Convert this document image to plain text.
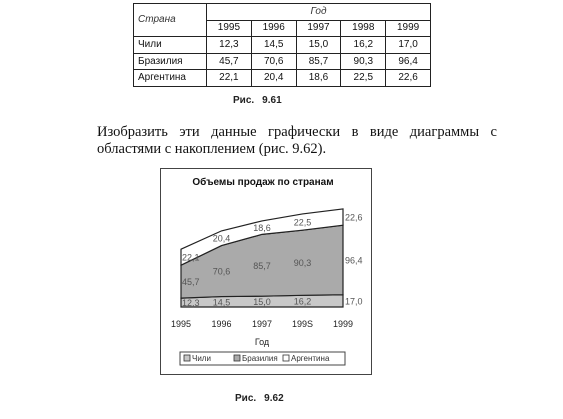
Страна	Год				
	1995	1996	1997	1998	1999
Чили	12,3	14,5	15,0	16,2	17,0
Бразилия	45,7	70,6	85,7	90,3	96,4
Аргентина	22,1	20,4	18,6	22,5	22,6
Рис. 9.61
Изобразить эти данные графически в виде диаграммы с областями с накоплением (рис. 9.62).
12,3 14,5	15,0	16,2	17,0
45,7
70,6
85,7	90,3	96,4
22,1
20,4
18,6
22,5
22,6
1995 1996 1997 199S 1999
Год
Объемы продаж по странам
Чили	Бразилия Аргентина
Рис. 9.62
